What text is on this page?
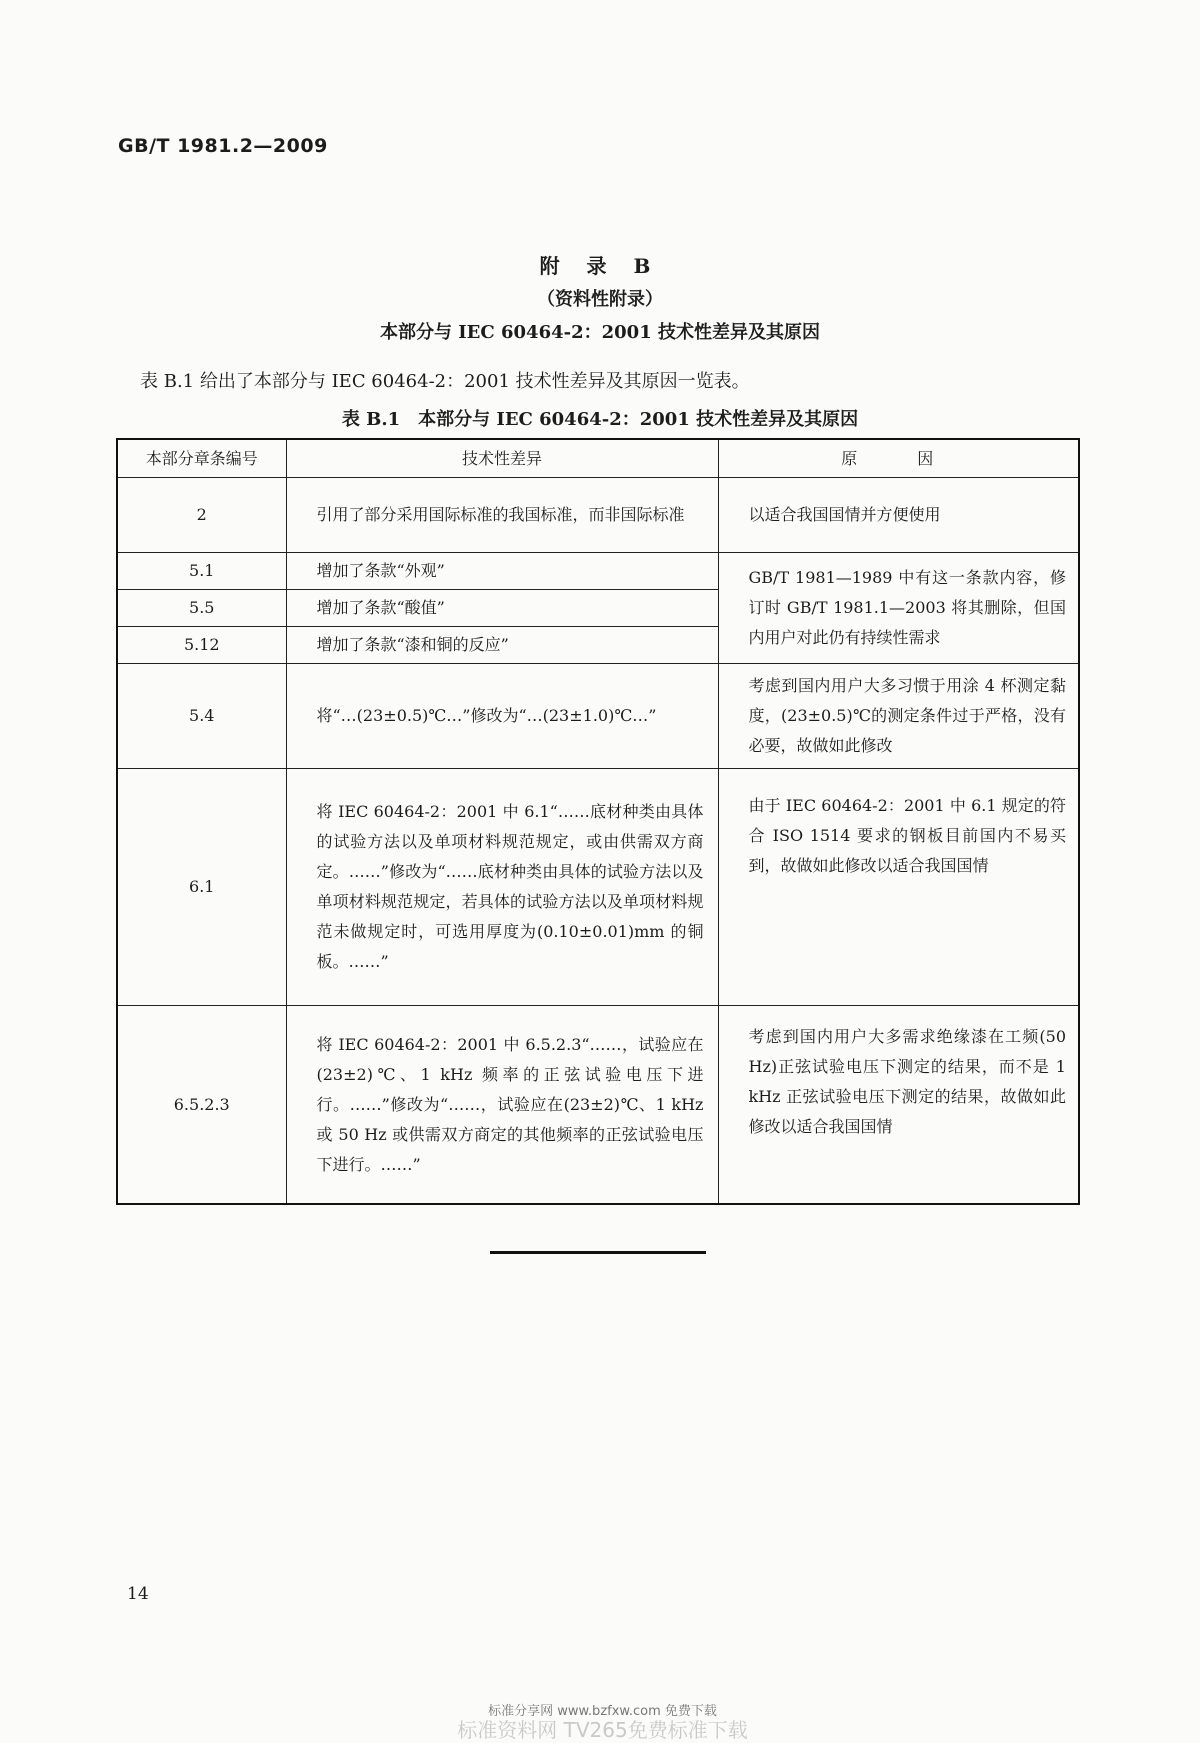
GB/T 1981.2—2009
附 录 B
（资料性附录）
本部分与 IEC 60464-2：2001 技术性差异及其原因
表 B.1 给出了本部分与 IEC 60464-2：2001 技术性差异及其原因一览表。
表 B.1　本部分与 IEC 60464-2：2001 技术性差异及其原因
本部分章条编号	技术性差异	原　因
2	引用了部分采用国际标准的我国标准，而非国际标准	以适合我国国情并方便使用
5.1	增加了条款“外观”	GB/T 1981—1989 中有这一条款内容，修订时 GB/T 1981.1—2003 将其删除，但国内用户对此仍有持续性需求
5.5	增加了条款“酸值”	
5.12	增加了条款“漆和铜的反应”	
5.4	将“…(23±0.5)℃…”修改为“…(23±1.0)℃…”	考虑到国内用户大多习惯于用涂 4 杯测定黏度，(23±0.5)℃的测定条件过于严格，没有必要，故做如此修改
6.1	将 IEC 60464-2：2001 中 6.1“……底材种类由具体的试验方法以及单项材料规范规定，或由供需双方商定。……”修改为“……底材种类由具体的试验方法以及单项材料规范规定，若具体的试验方法以及单项材料规范未做规定时，可选用厚度为(0.10±0.01)mm 的铜板。……”	由于 IEC 60464-2：2001 中 6.1 规定的符合 ISO 1514 要求的钢板目前国内不易买到，故做如此修改以适合我国国情
6.5.2.3	将 IEC 60464-2：2001 中 6.5.2.3“……，试验应在(23±2)℃、1 kHz 频率的正弦试验电压下进行。……”修改为“……，试验应在(23±2)℃、1 kHz 或 50 Hz 或供需双方商定的其他频率的正弦试验电压下进行。……”	考虑到国内用户大多需求绝缘漆在工频(50 Hz)正弦试验电压下测定的结果，而不是 1 kHz 正弦试验电压下测定的结果，故做如此修改以适合我国国情
14
标准分享网 www.bzfxw.com 免费下载
标准资料网 TV265免费标准下载
